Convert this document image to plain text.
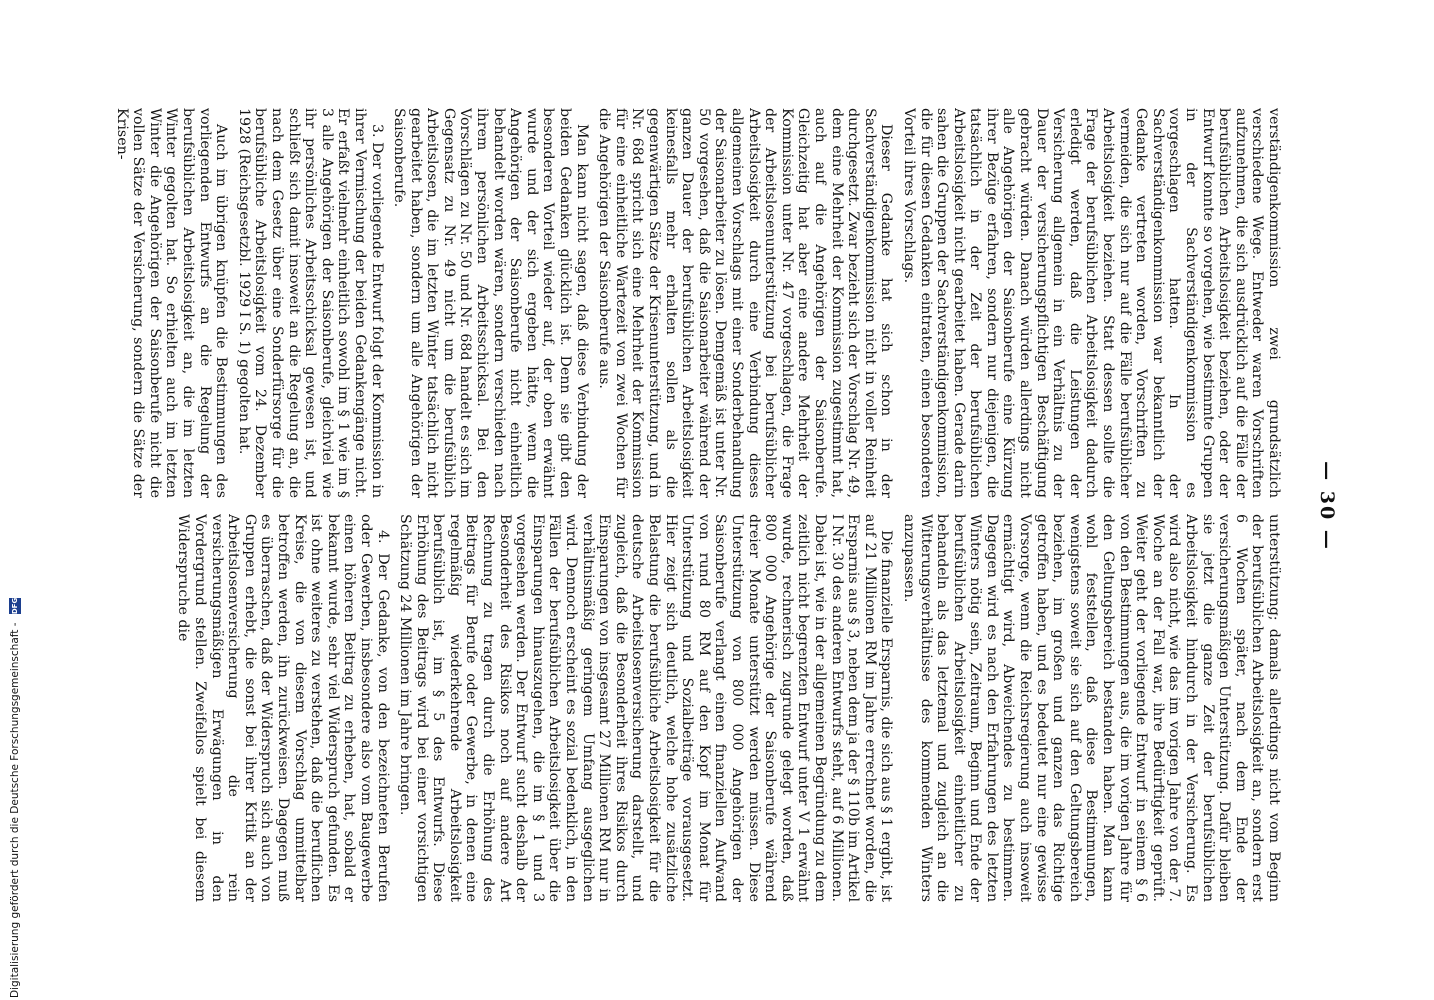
— 30 —

verständigenkommission zwei grundsätzlich verschiedene Wege. Entweder waren Vorschriften aufzunehmen, die sich ausdrücklich auf die Fälle der berufsüblichen Arbeitslosigkeit beziehen, oder der Entwurf konnte so vorgehen, wie bestimmte Gruppen in der Sachverständigenkommission es vorgeschlagen hatten. In der Sachverständigenkommission war bekanntlich der Gedanke vertreten worden, Vorschriften zu vermeiden, die sich nur auf die Fälle berufsüblicher Arbeitslosigkeit beziehen. Statt dessen sollte die Frage der berufsüblichen Arbeitslosigkeit dadurch erledigt werden, daß die Leistungen der Versicherung allgemein in ein Verhältnis zu der Dauer der versicherungspflichtigen Beschäftigung gebracht würden. Danach würden allerdings nicht alle Angehörigen der Saisonberufe eine Kürzung ihrer Bezüge erfahren, sondern nur diejenigen, die tatsächlich in der Zeit der berufsüblichen Arbeitslosigkeit nicht gearbeitet haben. Gerade darin sahen die Gruppen der Sachverständigenkommission, die für diesen Gedanken eintraten, einen besonderen Vorteil ihres Vorschlags.

Dieser Gedanke hat sich schon in der Sachverständigenkommission nicht in voller Reinheit durchgesetzt. Zwar bezieht sich der Vorschlag Nr. 49, dem eine Mehrheit der Kommission zugestimmt hat, auch auf die Angehörigen der Saisonberufe. Gleichzeitig hat aber eine andere Mehrheit der Kommission unter Nr. 47 vorgeschlagen, die Frage der Arbeitslosenunterstützung bei berufsüblicher Arbeitslosigkeit durch eine Verbindung dieses allgemeinen Vorschlags mit einer Sonderbehandlung der Saisonarbeiter zu lösen. Demgemäß ist unter Nr. 50 vorgesehen, daß die Saisonarbeiter während der ganzen Dauer der berufsüblichen Arbeitslosigkeit keinesfalls mehr erhalten sollen als die gegenwärtigen Sätze der Krisenunterstützung, und in Nr. 68d spricht sich eine Mehrheit der Kommission für eine einheitliche Wartezeit von zwei Wochen für die Angehörigen der Saisonberufe aus.

Man kann nicht sagen, daß diese Verbindung der beiden Gedanken glücklich ist. Denn sie gibt den besonderen Vorteil wieder auf, der oben erwähnt wurde und der sich ergeben hätte, wenn die Angehörigen der Saisonberufe nicht einheitlich behandelt worden wären, sondern verschieden nach ihrem persönlichen Arbeitsschicksal. Bei den Vorschlägen zu Nr. 50 und Nr. 68d handelt es sich im Gegensatz zu Nr. 49 nicht um die berufsüblich Arbeitslosen, die im letzten Winter tatsächlich nicht gearbeitet haben, sondern um alle Angehörigen der Saisonberufe.

3. Der vorliegende Entwurf folgt der Kommission in ihrer Vermischung der beiden Gedankengänge nicht. Er erfaßt vielmehr einheitlich sowohl im § 1 wie im § 3 alle Angehörigen der Saisonberufe, gleichviel wie ihr persönliches Arbeitsschicksal gewesen ist, und schließt sich damit insoweit an die Regelung an, die nach dem Gesetz über eine Sonderfürsorge für die berufsübliche Arbeitslosigkeit vom 24. Dezember 1928 (Reichsgesetzbl. 1929 I S. 1) gegolten hat.

Auch im übrigen knüpfen die Bestimmungen des vorliegenden Entwurfs an die Regelung der berufsüblichen Arbeitslosigkeit an, die im letzten Winter gegolten hat. So erhielten auch im letzten Winter die Angehörigen der Saisonberufe nicht die vollen Sätze der Versicherung, sondern die Sätze der Krisen-

unterstützung; damals allerdings nicht vom Beginn der berufsüblichen Arbeitslosigkeit an, sondern erst 6 Wochen später, nach dem Ende der versicherungsmäßigen Unterstützung. Dafür bleiben sie jetzt die ganze Zeit der berufsüblichen Arbeitslosigkeit hindurch in der Versicherung. Es wird also nicht, wie das im vorigen Jahre von der 7. Woche an der Fall war, ihre Bedürftigkeit geprüft. Weiter geht der vorliegende Entwurf in seinem § 6 von den Bestimmungen aus, die im vorigen Jahre für den Geltungsbereich bestanden haben. Man kann wohl feststellen, daß diese Bestimmungen, wenigstens soweit sie sich auf den Geltungsbereich beziehen, im großen und ganzen das Richtige getroffen haben, und es bedeutet nur eine gewisse Vorsorge, wenn die Reichsregierung auch insoweit ermächtigt wird, Abweichendes zu bestimmen. Dagegen wird es nach den Erfahrungen des letzten Winters nötig sein, Zeitraum, Beginn und Ende der berufsüblichen Arbeitslosigkeit einheitlicher zu behandeln als das letztemal und zugleich an die Witterungsverhältnisse des kommenden Winters anzupassen.

Die finanzielle Ersparnis, die sich aus § 1 ergibt, ist auf 21 Millionen RM im Jahre errechnet worden, die Ersparnis aus § 3, neben dem ja der § 110b im Artikel I Nr. 30 des anderen Entwurfs steht, auf 6 Millionen. Dabei ist, wie in der allgemeinen Begründung zu dem zeitlich nicht begrenzten Entwurf unter V 1 erwähnt wurde, rechnerisch zugrunde gelegt worden, daß 800 000 Angehörige der Saisonberufe während dreier Monate unterstützt werden müssen. Diese Unterstützung von 800 000 Angehörigen der Saisonberufe verlangt einen finanziellen Aufwand von rund 80 RM auf den Kopf im Monat für Unterstützung und Sozialbeiträge vorausgesetzt. Hier zeigt sich deutlich, welche hohe zusätzliche Belastung die berufsübliche Arbeitslosigkeit für die deutsche Arbeitslosenversicherung darstellt, und zugleich, daß die Besonderheit ihres Risikos durch Einsparungen von insgesamt 27 Millionen RM nur in verhältnismäßig geringem Umfang ausgeglichen wird. Dennoch erscheint es sozial bedenklich, in den Fällen der berufsüblichen Arbeitslosigkeit über die Einsparungen hinauszugehen, die im § 1 und 3 vorgesehen werden. Der Entwurf sucht deshalb der Besonderheit des Risikos noch auf andere Art Rechnung zu tragen durch die Erhöhung des Beitrags für Berufe oder Gewerbe, in denen eine regelmäßig wiederkehrende Arbeitslosigkeit berufsüblich ist, im § 5 des Entwurfs. Diese Erhöhung des Beitrags wird bei einer vorsichtigen Schätzung 24 Millionen im Jahre bringen.

4. Der Gedanke, von den bezeichneten Berufen oder Gewerben, insbesondere also vom Baugewerbe einen höheren Beitrag zu erheben, hat, sobald er bekannt wurde, sehr viel Widerspruch gefunden. Es ist ohne weiteres zu verstehen, daß die beruflichen Kreise, die von diesem Vorschlag unmittelbar betroffen werden, ihn zurückweisen. Dagegen muß es überraschen, daß der Widerspruch sich auch von Gruppen erhebt, die sonst bei ihrer Kritik an der Arbeitslosenversicherung die rein versicherungsmäßigen Erwägungen in den Vordergrund stellen. Zweifellos spielt bei diesem Widerspruche die

Digitalisierung gefördert durch die Deutsche Forschungsgemeinschaft - DFG
